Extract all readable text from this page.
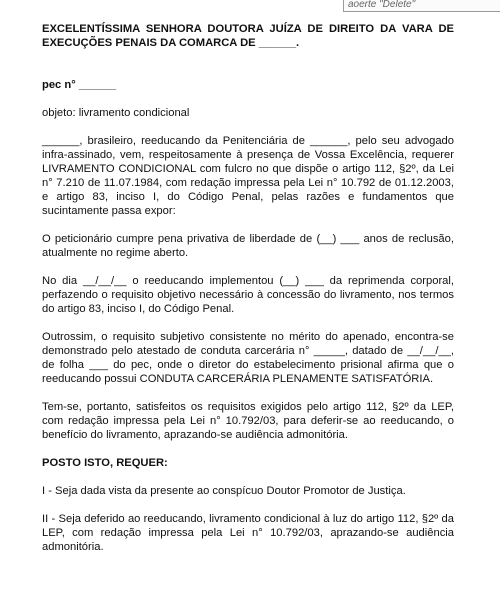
aoerte "Delete"

EXCELENTÍSSIMA SENHORA DOUTORA JUÍZA DE DIREITO DA VARA DE EXECUÇÕES PENAIS DA COMARCA DE ______.

pec n° ______

objeto: livramento condicional

______, brasileiro, reeducando da Penitenciária de ______, pelo seu advogado infra-assinado, vem, respeitosamente à presença de Vossa Excelência, requerer LIVRAMENTO CONDICIONAL com fulcro no que dispõe o artigo 112, §2º, da Lei n° 7.210 de 11.07.1984, com redação impressa pela Lei n° 10.792 de 01.12.2003, e artigo 83, inciso I, do Código Penal, pelas razões e fundamentos que sucintamente passa expor:

O peticionário cumpre pena privativa de liberdade de (__) ___ anos de reclusão, atualmente no regime aberto.

No dia __/__/__ o reeducando implementou (__) ___ da reprimenda corporal, perfazendo o requisito objetivo necessário à concessão do livramento, nos termos do artigo 83, inciso I, do Código Penal.

Outrossim, o requisito subjetivo consistente no mérito do apenado, encontra-se demonstrado pelo atestado de conduta carcerária n° _____, datado de __/__/__, de folha ___ do pec, onde o diretor do estabelecimento prisional afirma que o reeducando possui CONDUTA CARCERÁRIA PLENAMENTE SATISFATÓRIA.

Tem-se, portanto, satisfeitos os requisitos exigidos pelo artigo 112, §2º da LEP, com redação impressa pela Lei n° 10.792/03, para deferir-se ao reeducando, o benefício do livramento, aprazando-se audiência admonitória.

POSTO ISTO, REQUER:

I - Seja dada vista da presente ao conspícuo Doutor Promotor de Justiça.

II - Seja deferido ao reeducando, livramento condicional à luz do artigo 112, §2º da LEP, com redação impressa pela Lei n° 10.792/03, aprazando-se audiência admonitória.
